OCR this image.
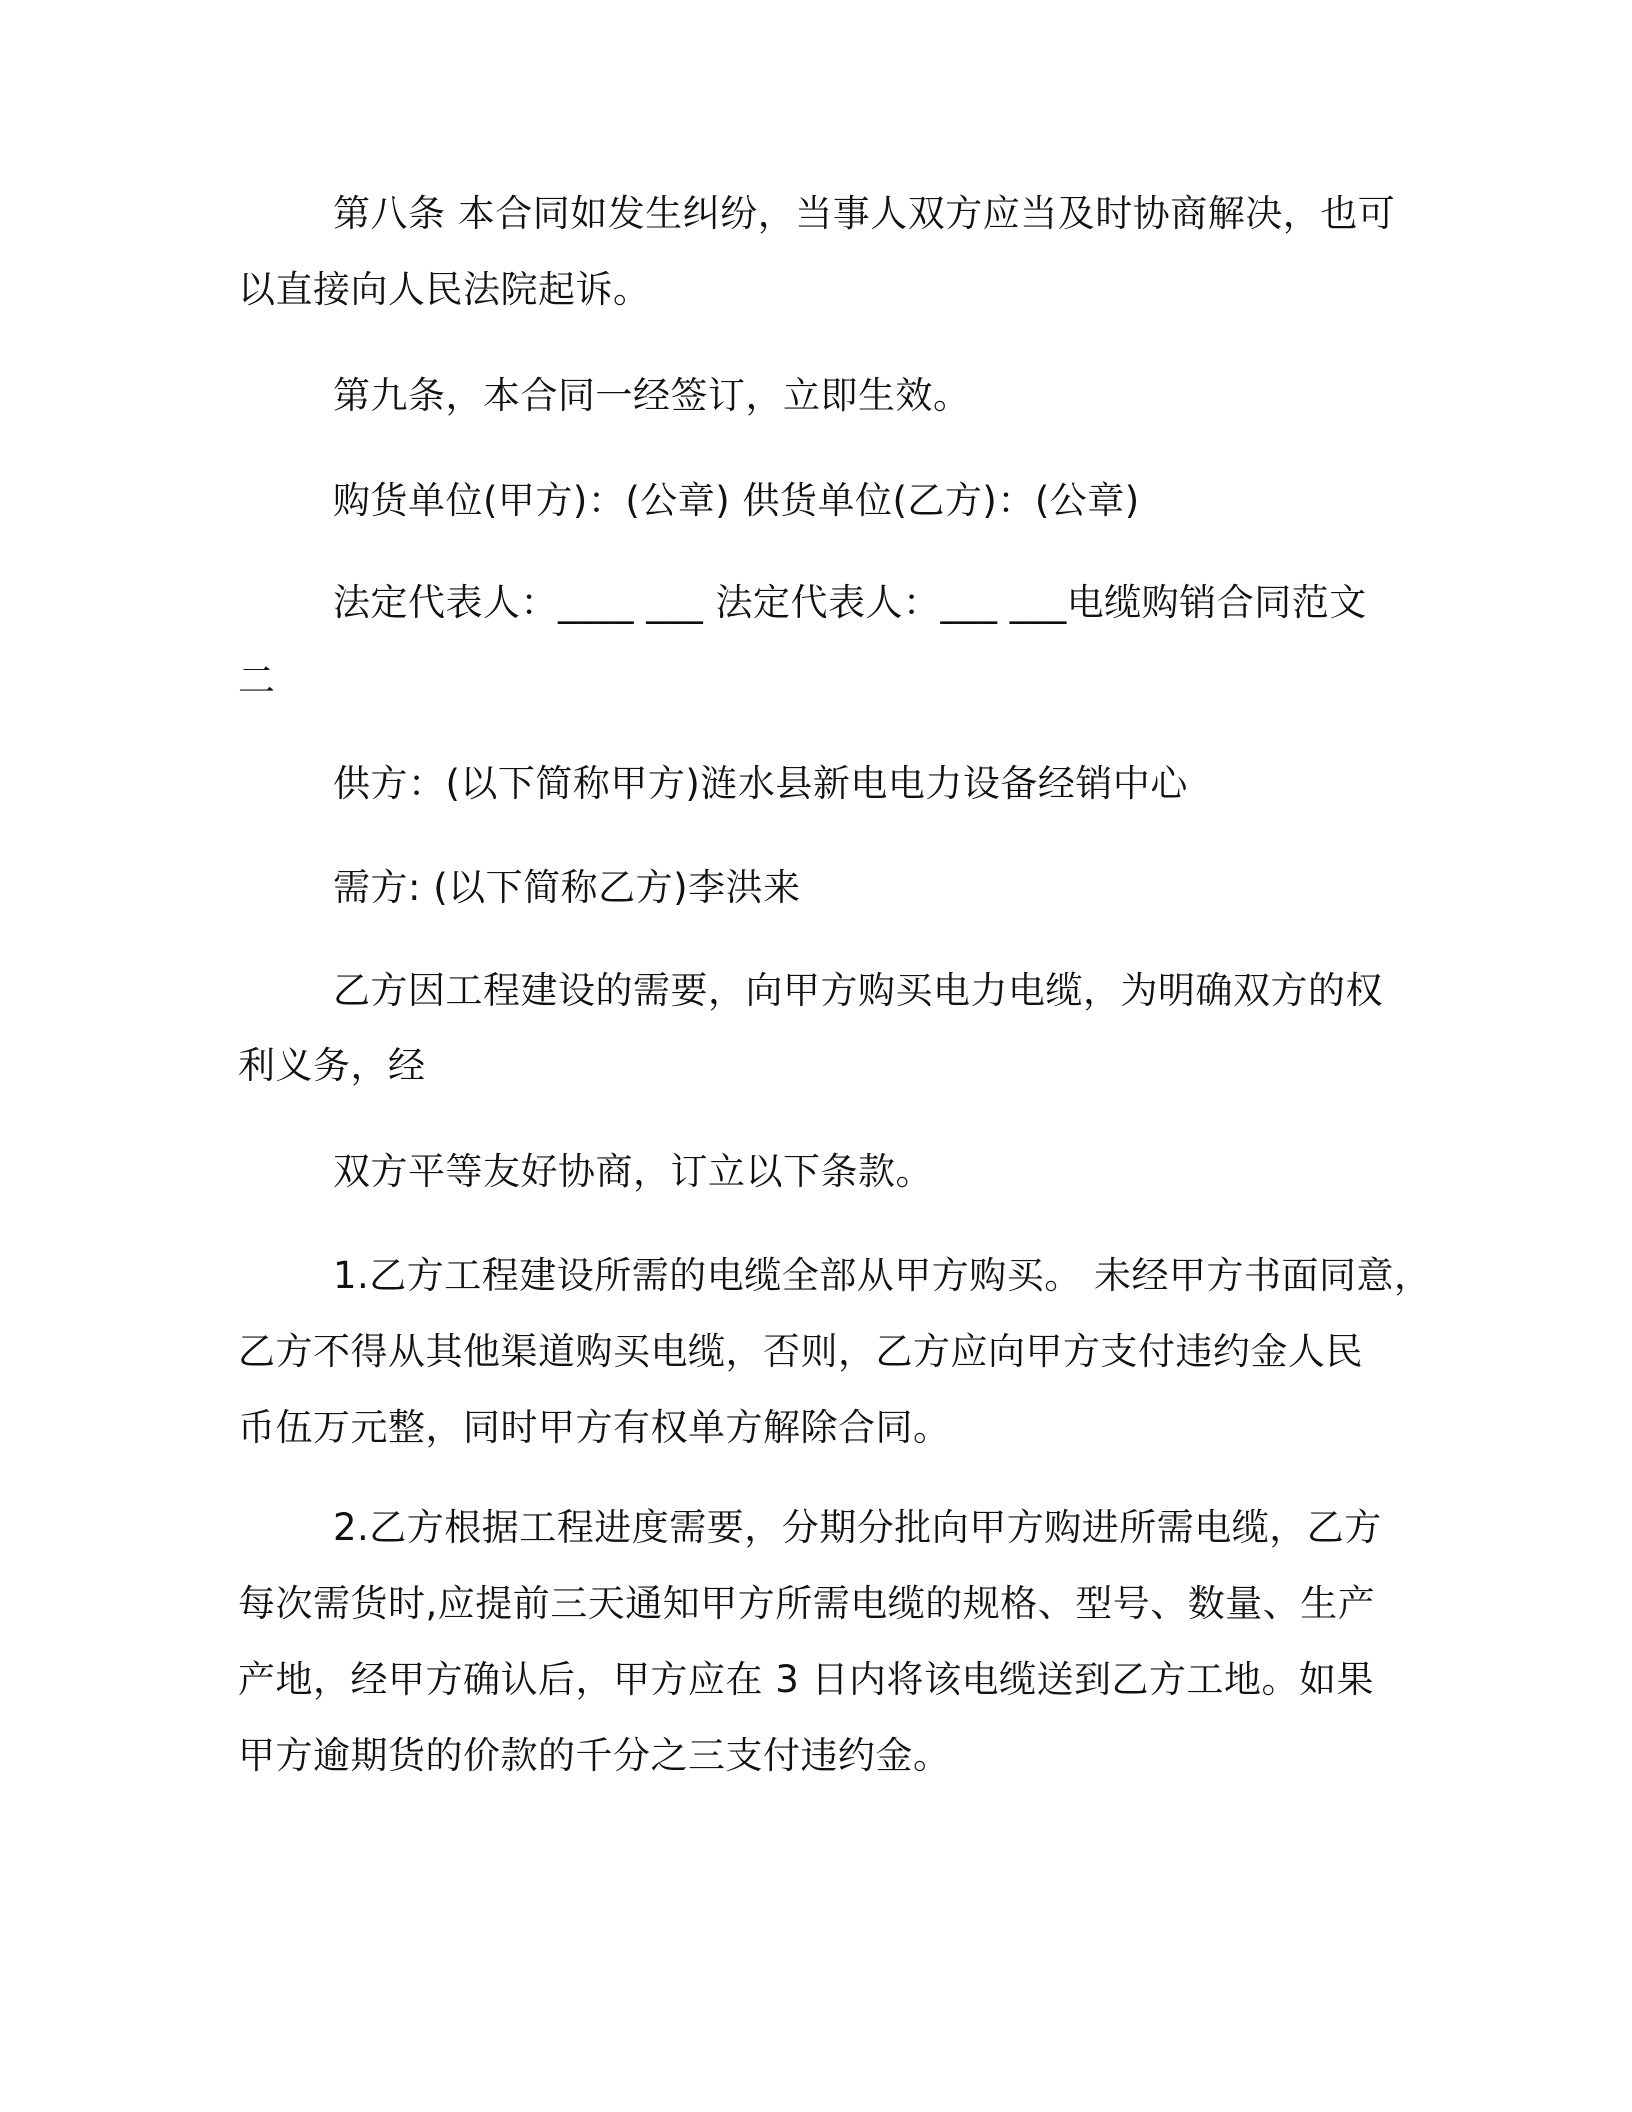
第八条 本合同如发生纠纷，当事人双方应当及时协商解决，也可
以直接向人民法院起诉。
第九条，本合同一经签订，立即生效。
购货单位(甲方)：(公章) 供货单位(乙方)：(公章)
法定代表人：____ ___ 法定代表人：___ ___电缆购销合同范文
二
供方：(以下简称甲方)涟水县新电电力设备经销中心
需方: (以下简称乙方)李洪来
乙方因工程建设的需要，向甲方购买电力电缆，为明确双方的权
利义务，经
双方平等友好协商，订立以下条款。
1.乙方工程建设所需的电缆全部从甲方购买。 未经甲方书面同意，
乙方不得从其他渠道购买电缆，否则，乙方应向甲方支付违约金人民
币伍万元整，同时甲方有权单方解除合同。
2.乙方根据工程进度需要，分期分批向甲方购进所需电缆，乙方
每次需货时,应提前三天通知甲方所需电缆的规格、型号、数量、生产
产地，经甲方确认后，甲方应在 3 日内将该电缆送到乙方工地。如果
甲方逾期货的价款的千分之三支付违约金。
